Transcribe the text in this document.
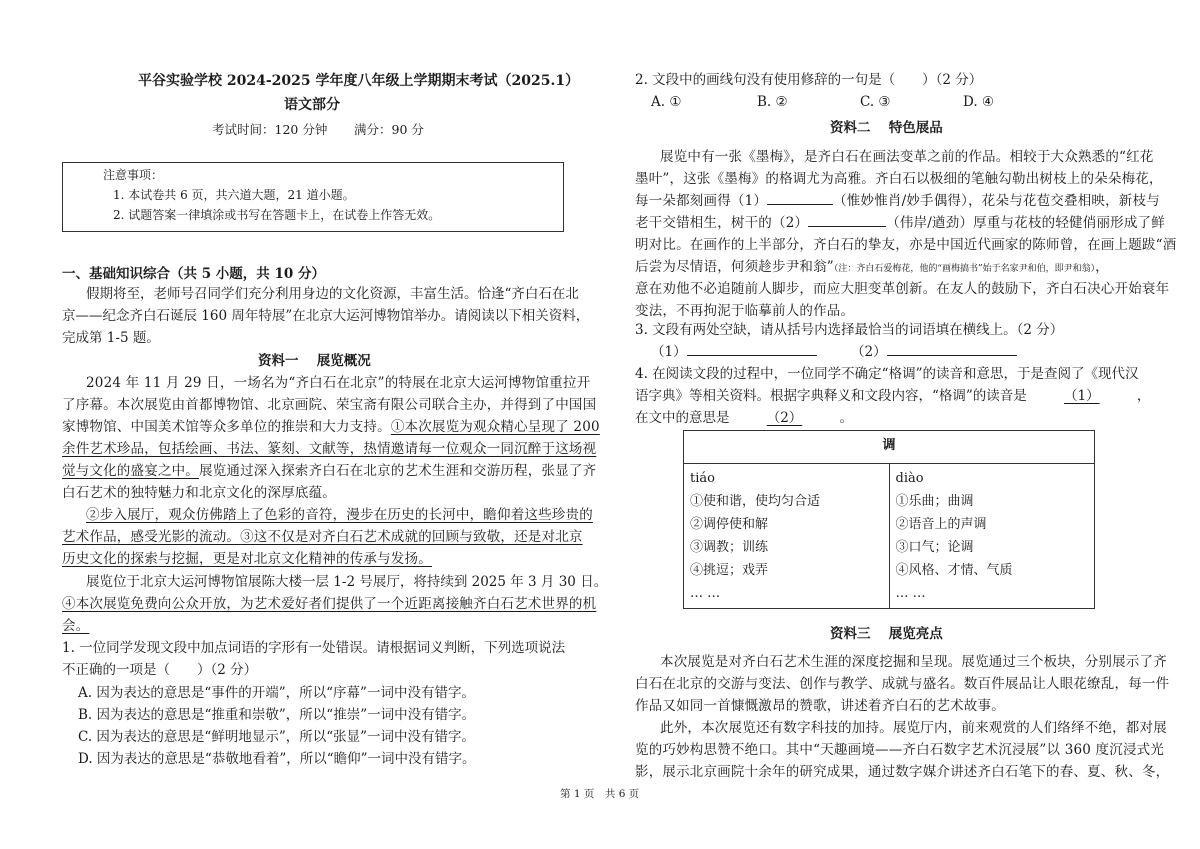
平谷实验学校 2024-2025 学年度八年级上学期期末考试（2025.1）
语文部分
考试时间：120 分钟 满分：90 分
注意事项：
1. 本试卷共 6 页，共六道大题，21 道小题。
2. 试题答案一律填涂或书写在答题卡上，在试卷上作答无效。
一、基础知识综合（共 5 小题，共 10 分）
假期将至，老师号召同学们充分利用身边的文化资源，丰富生活。恰逢“齐白石在北
京——纪念齐白石诞辰 160 周年特展”在北京大运河博物馆举办。请阅读以下相关资料，
完成第 1-5 题。
资料一　 展览概况
2024 年 11 月 29 日，一场名为“齐白石在北京”的特展在北京大运河博物馆重拉开
了序幕。本次展览由首都博物馆、北京画院、荣宝斋有限公司联合主办，并得到了中国国
家博物馆、中国美术馆等众多单位的推崇和大力支持。①本次展览为观众精心呈现了 200
余件艺术珍品，包括绘画、书法、篆刻、文献等，热情邀请每一位观众一同沉醉于这场视
觉与文化的盛宴之中。展览通过深入探索齐白石在北京的艺术生涯和交游历程，张显了齐
白石艺术的独特魅力和北京文化的深厚底蕴。
②步入展厅，观众仿佛踏上了色彩的音符，漫步在历史的长河中，瞻仰着这些珍贵的
艺术作品，感受光影的流动。③这不仅是对齐白石艺术成就的回顾与致敬，还是对北京
历史文化的探索与挖掘，更是对北京文化精神的传承与发扬。
展览位于北京大运河博物馆展陈大楼一层 1-2 号展厅，将持续到 2025 年 3 月 30 日。
④本次展览免费向公众开放，为艺术爱好者们提供了一个近距离接触齐白石艺术世界的机
会。
1. 一位同学发现文段中加点词语的字形有一处错误。请根据词义判断，下列选项说法
不正确的一项是（　　）（2 分）
A. 因为表达的意思是“事件的开端”，所以“序幕”一词中没有错字。
B. 因为表达的意思是“推重和崇敬”，所以“推崇”一词中没有错字。
C. 因为表达的意思是“鲜明地显示”，所以“张显”一词中没有错字。
D. 因为表达的意思是“恭敬地看着”，所以“瞻仰”一词中没有错字。
2. 文段中的画线句没有使用修辞的一句是（　　）（2 分）
A. ①	B. ②	C. ③	D. ④
资料二　 特色展品
展览中有一张《墨梅》，是齐白石在画法变革之前的作品。相较于大众熟悉的“红花
墨叶”，这张《墨梅》的格调尤为高雅。齐白石以极细的笔触勾勒出树枝上的朵朵梅花，
每一朵都刻画得（1）	（惟妙惟肖/妙手偶得），花朵与花苞交叠相映，新枝与
老干交错相生，树干的（2）	（伟岸/遒劲）厚重与花枝的轻健俏丽形成了鲜
明对比。在画作的上半部分，齐白石的挚友，亦是中国近代画家的陈师曾，在画上题跋“酒
后尝为尽情语，何须趁步尹和翁”（注：齐白石爱梅花，他的“画梅搞书”始于名家尹和伯，即尹和翁），
意在劝他不必追随前人脚步，而应大胆变革创新。在友人的鼓励下，齐白石决心开始衰年
变法，不再拘泥于临摹前人的作品。
3. 文段有两处空缺，请从括号内选择最恰当的词语填在横线上。（2 分）
（1）	（2）
4. 在阅读文段的过程中，一位同学不确定“格调”的读音和意思，于是查阅了《现代汉
语字典》等相关资料。根据字典释义和文段内容，“格调”的读音是	（1）	，
在文中的意思是	（2）	。
调

tiáo
①使和谐，使均匀合适
②调停使和解
③调教；训练
④挑逗；戏弄
… …

diào
①乐曲；曲调
②语音上的声调
③口气；论调
④风格、才情、气质
… …
资料三　 展览亮点
本次展览是对齐白石艺术生涯的深度挖掘和呈现。展览通过三个板块，分别展示了齐
白石在北京的交游与变法、创作与教学、成就与盛名。数百件展品让人眼花缭乱，每一件
作品又如同一首慷慨激昂的赞歌，讲述着齐白石的艺术故事。
此外，本次展览还有数字科技的加持。展览厅内，前来观赏的人们络绎不绝，都对展
览的巧妙构思赞不绝口。其中“天趣画境——齐白石数字艺术沉浸展”以 360 度沉浸式光
影，展示北京画院十余年的研究成果，通过数字媒介讲述齐白石笔下的春、夏、秋、冬，
第 1 页　共 6 页
